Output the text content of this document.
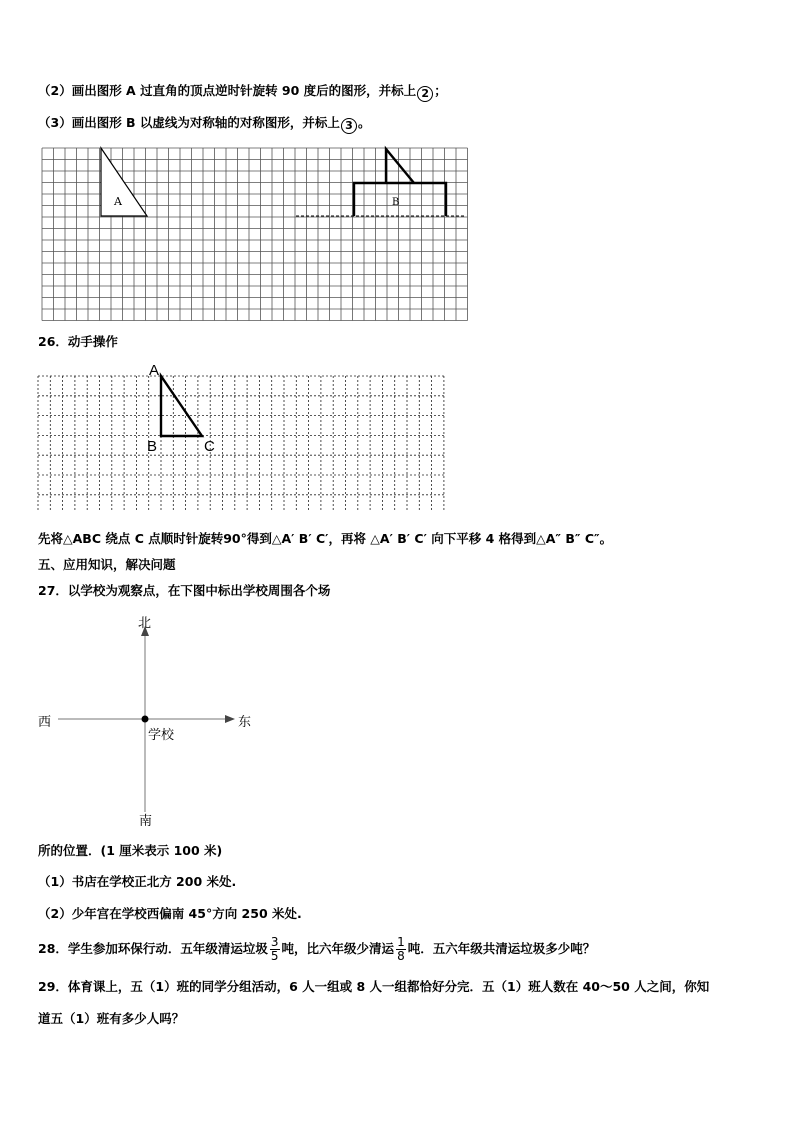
（2）画出图形 A 过直角的顶点逆时针旋转 90 度后的图形，并标上 2 ；
（3）画出图形 B 以虚线为对称轴的对称图形，并标上 3 。
A	B
26．动手操作
A
B	C
先将△ABC 绕点 C 点顺时针旋转90°得到△A′ B′ C′，再将 △A′ B′ C′ 向下平移 4 格得到△A″ B″ C″。
五、应用知识，解决问题
27．以学校为观察点，在下图中标出学校周围各个场
北
南
东
西
学校
所的位置．(1 厘米表示 100 米)
（1）书店在学校正北方 200 米处.
（2）少年宫在学校西偏南 45°方向 250 米处.
28．学生参加环保行动．五年级清运垃圾 $\frac{3}{5}$ 吨，比六年级少清运 $\frac{1}{8}$ 吨．五六年级共清运垃圾多少吨？
29．体育课上，五（1）班的同学分组活动，6 人一组或 8 人一组都恰好分完．五（1）班人数在 40～50 人之间，你知
道五（1）班有多少人吗？
